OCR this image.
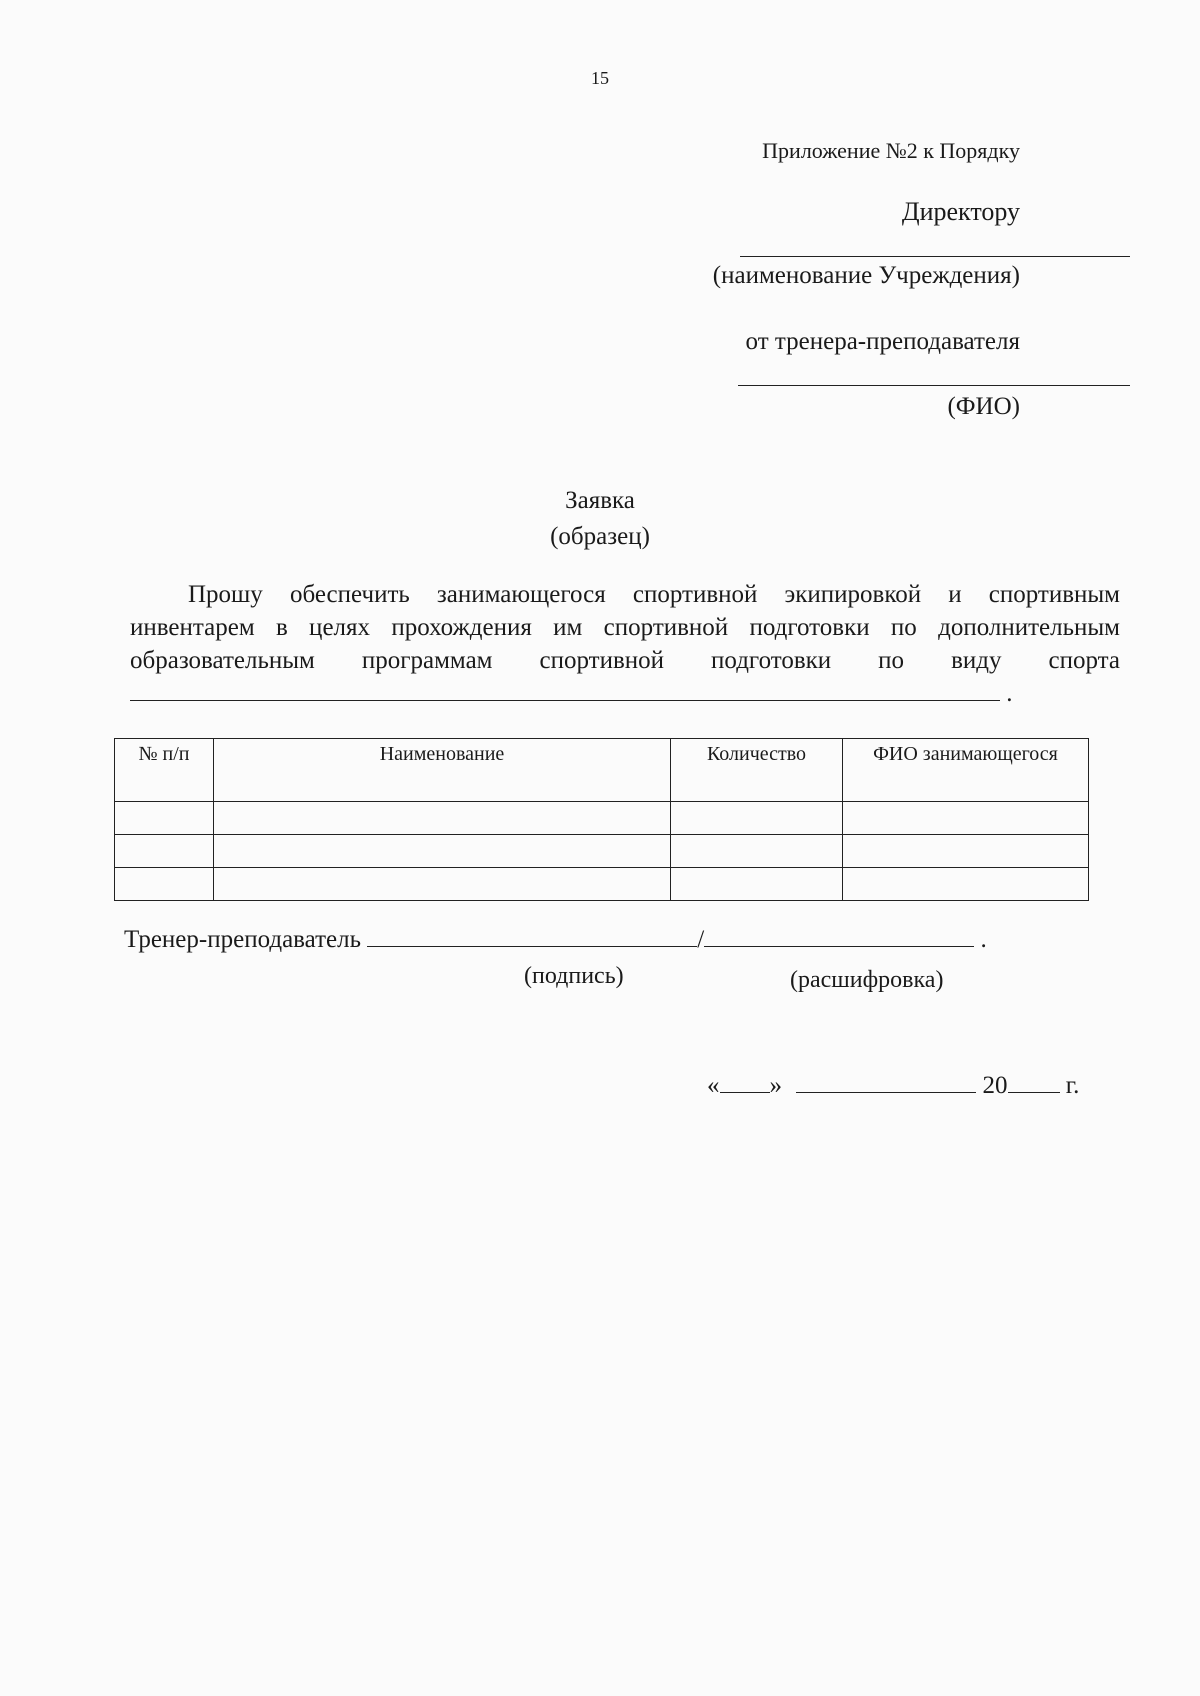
15
Приложение №2 к Порядку
Директору
(наименование Учреждения)
от тренера-преподавателя
(ФИО)
Заявка
(образец)
Прошу обеспечить занимающегося спортивной экипировкой и спортивным инвентарем в целях прохождения им спортивной подготовки по дополнительным образовательным программам спортивной подготовки по виду спорта  .
№ п/п	Наименование	Количество	ФИО занимающегося

Тренер-преподаватель	/	.
(подпись)	(расшифровка)
« »	20 г.
